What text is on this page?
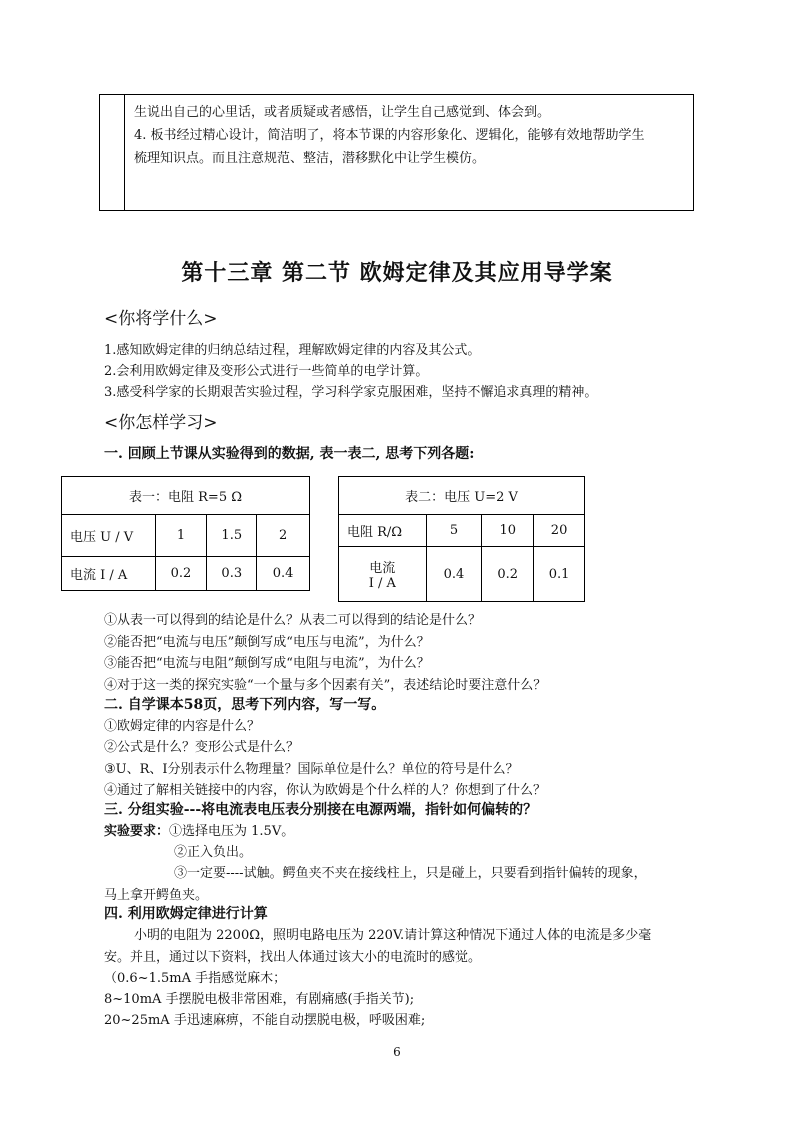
生说出自己的心里话，或者质疑或者感悟，让学生自己感觉到、体会到。
4. 板书经过精心设计，简洁明了，将本节课的内容形象化、逻辑化，能够有效地帮助学生
梳理知识点。而且注意规范、整洁，潜移默化中让学生模仿。
第十三章 第二节 欧姆定律及其应用导学案
<你将学什么>
1.感知欧姆定律的归纳总结过程，理解欧姆定律的内容及其公式。
2.会利用欧姆定律及变形公式进行一些简单的电学计算。
3.感受科学家的长期艰苦实验过程，学习科学家克服困难，坚持不懈追求真理的精神。
<你怎样学习>
一. 回顾上节课从实验得到的数据, 表一表二, 思考下列各题:
表一：电阻 R=5 Ω			
电压 U / V	1	1.5	2
电流 I / A	0.2	0.3	0.4
表二：电压 U=2 V			
电阻 R/Ω	5	10	20

电流
I / A	0.4	0.2	0.1
①从表一可以得到的结论是什么？从表二可以得到的结论是什么？
②能否把“电流与电压”颠倒写成“电压与电流”，为什么？
③能否把“电流与电阻”颠倒写成“电阻与电流”，为什么？
④对于这一类的探究实验“一个量与多个因素有关”，表述结论时要注意什么？
二. 自学课本58页，思考下列内容，写一写。
①欧姆定律的内容是什么？
②公式是什么？变形公式是什么？
③U、R、I分别表示什么物理量？国际单位是什么？单位的符号是什么？
④通过了解相关链接中的内容，你认为欧姆是个什么样的人？你想到了什么？
三. 分组实验---将电流表电压表分别接在电源两端，指针如何偏转的？
实验要求：①选择电压为 1.5V。
②正入负出。
③一定要----试触。鳄鱼夹不夹在接线柱上，只是碰上，只要看到指针偏转的现象，
马上拿开鳄鱼夹。
四. 利用欧姆定律进行计算
小明的电阻为 2200Ω，照明电路电压为 220V.请计算这种情况下通过人体的电流是多少毫
安。并且，通过以下资料，找出人体通过该大小的电流时的感觉。
（0.6~1.5mA 手指感觉麻木；
8~10mA 手摆脱电极非常困难，有剧痛感(手指关节);
20~25mA 手迅速麻痹，不能自动摆脱电极，呼吸困难;
6
